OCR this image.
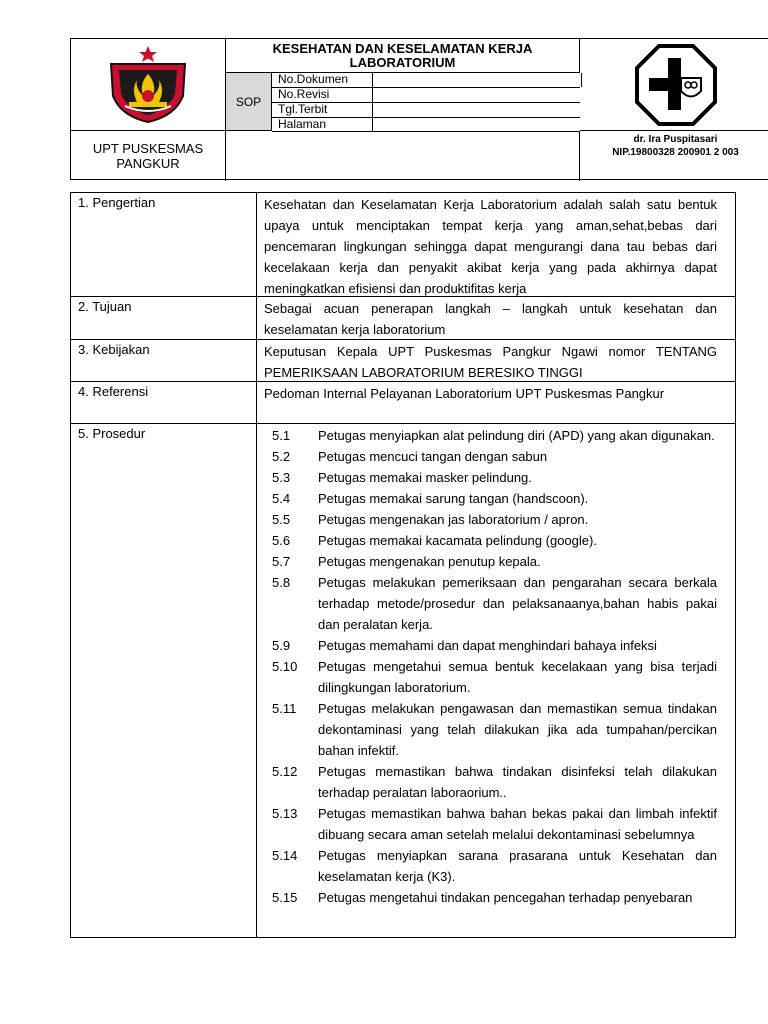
UPT PUSKESMAS PANGKUR
KESEHATAN DAN KESELAMATAN KERJA LABORATORIUM
SOP
No.Dokumen
No.Revisi
Tgl.Terbit
Halaman
dr. Ira Puspitasari
NIP.19800328 200901 2 003
1. Pengertian	Kesehatan dan Keselamatan Kerja Laboratorium adalah salah satu bentuk upaya untuk menciptakan tempat kerja yang aman,sehat,bebas dari pencemaran lingkungan sehingga dapat mengurangi dana tau bebas dari kecelakaan kerja dan penyakit akibat kerja yang pada akhirnya dapat meningkatkan efisiensi dan produktifitas kerja
2. Tujuan	Sebagai acuan penerapan langkah – langkah untuk kesehatan dan keselamatan kerja laboratorium
3. Kebijakan	Keputusan Kepala UPT Puskesmas Pangkur Ngawi nomor TENTANG PEMERIKSAAN LABORATORIUM BERESIKO TINGGI
4. Referensi	Pedoman Internal Pelayanan Laboratorium UPT Puskesmas Pangkur
5. Prosedur	5.1 Petugas menyiapkan alat pelindung diri (APD) yang akan digunakan.
5.2 Petugas mencuci tangan dengan sabun
5.3 Petugas memakai masker pelindung.
5.4 Petugas memakai sarung tangan (handscoon).
5.5 Petugas mengenakan jas laboratorium / apron.
5.6 Petugas memakai kacamata pelindung (google).
5.7 Petugas mengenakan penutup kepala.
5.8 Petugas melakukan pemeriksaan dan pengarahan secara berkala terhadap metode/prosedur dan pelaksanaanya,bahan habis pakai dan peralatan kerja.
5.9 Petugas memahami dan dapat menghindari bahaya infeksi
5.10 Petugas mengetahui semua bentuk kecelakaan yang bisa terjadi dilingkungan laboratorium.
5.11 Petugas melakukan pengawasan dan memastikan semua tindakan dekontaminasi yang telah dilakukan jika ada tumpahan/percikan bahan infektif.
5.12 Petugas memastikan bahwa tindakan disinfeksi telah dilakukan terhadap peralatan laboraorium..
5.13 Petugas memastikan bahwa bahan bekas pakai dan limbah infektif dibuang secara aman setelah melalui dekontaminasi sebelumnya
5.14 Petugas menyiapkan sarana prasarana untuk Kesehatan dan keselamatan kerja (K3).
5.15 Petugas mengetahui tindakan pencegahan terhadap penyebaran
